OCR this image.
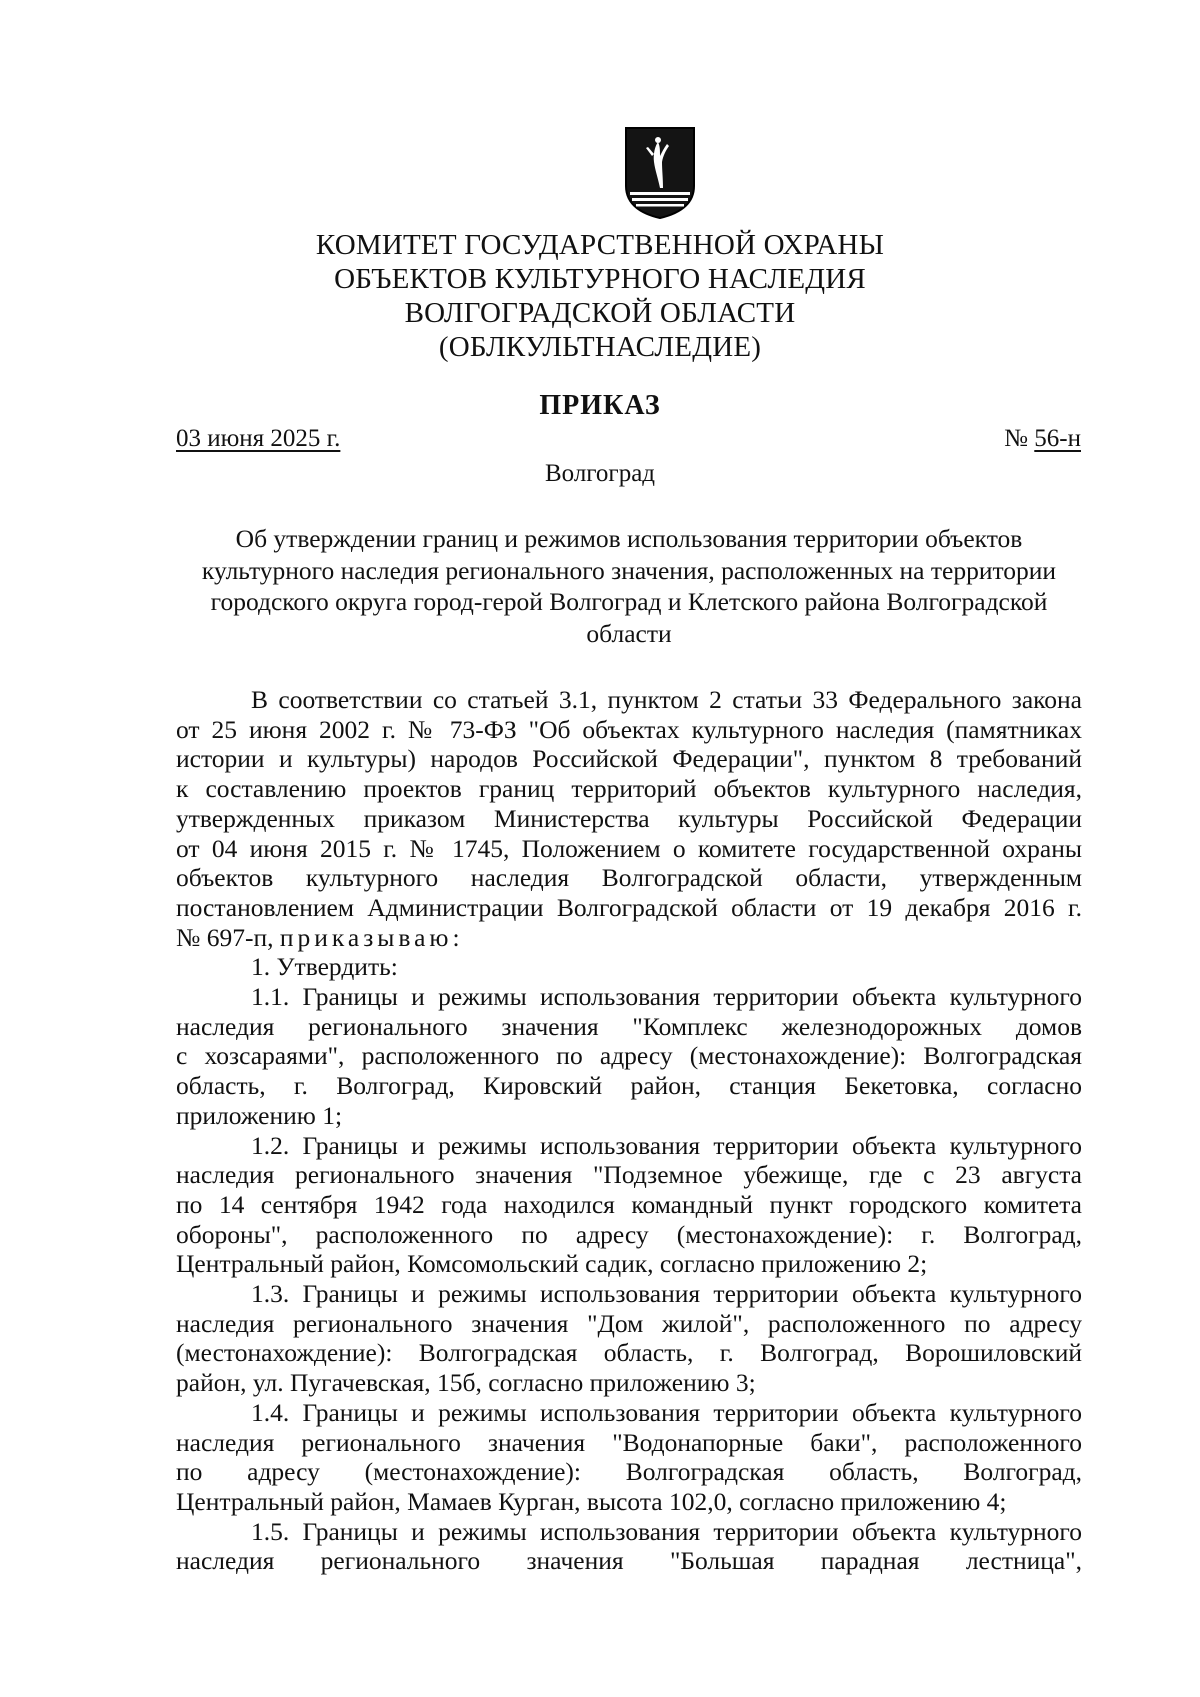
КОМИТЕТ ГОСУДАРСТВЕННОЙ ОХРАНЫ
ОБЪЕКТОВ КУЛЬТУРНОГО НАСЛЕДИЯ
ВОЛГОГРАДСКОЙ ОБЛАСТИ
(ОБЛКУЛЬТНАСЛЕДИЕ)
ПРИКАЗ
03 июня 2025 г.	№ 56-н
Волгоград
Об утверждении границ и режимов использования территории объектов
культурного наследия регионального значения, расположенных на территории
городского округа город-герой Волгоград и Клетского района Волгоградской
области
В соответствии со статьей 3.1, пунктом 2 статьи 33 Федерального закона
от 25 июня 2002 г. № 73-ФЗ "Об объектах культурного наследия (памятниках
истории и культуры) народов Российской Федерации", пунктом 8 требований
к составлению проектов границ территорий объектов культурного наследия,
утвержденных приказом Министерства культуры Российской Федерации
от 04 июня 2015 г. № 1745, Положением о комитете государственной охраны
объектов культурного наследия Волгоградской области, утвержденным
постановлением Администрации Волгоградской области от 19 декабря 2016 г.
№ 697-п, приказываю:
1. Утвердить:
1.1. Границы и режимы использования территории объекта культурного
наследия регионального значения "Комплекс железнодорожных домов
с хозсараями", расположенного по адресу (местонахождение): Волгоградская
область, г. Волгоград, Кировский район, станция Бекетовка, согласно
приложению 1;
1.2. Границы и режимы использования территории объекта культурного
наследия регионального значения "Подземное убежище, где с 23 августа
по 14 сентября 1942 года находился командный пункт городского комитета
обороны", расположенного по адресу (местонахождение): г. Волгоград,
Центральный район, Комсомольский садик, согласно приложению 2;
1.3. Границы и режимы использования территории объекта культурного
наследия регионального значения "Дом жилой", расположенного по адресу
(местонахождение): Волгоградская область, г. Волгоград, Ворошиловский
район, ул. Пугачевская, 15б, согласно приложению 3;
1.4. Границы и режимы использования территории объекта культурного
наследия регионального значения "Водонапорные баки", расположенного
по адресу (местонахождение): Волгоградская область, Волгоград,
Центральный район, Мамаев Курган, высота 102,0, согласно приложению 4;
1.5. Границы и режимы использования территории объекта культурного
наследия регионального значения "Большая парадная лестница",
